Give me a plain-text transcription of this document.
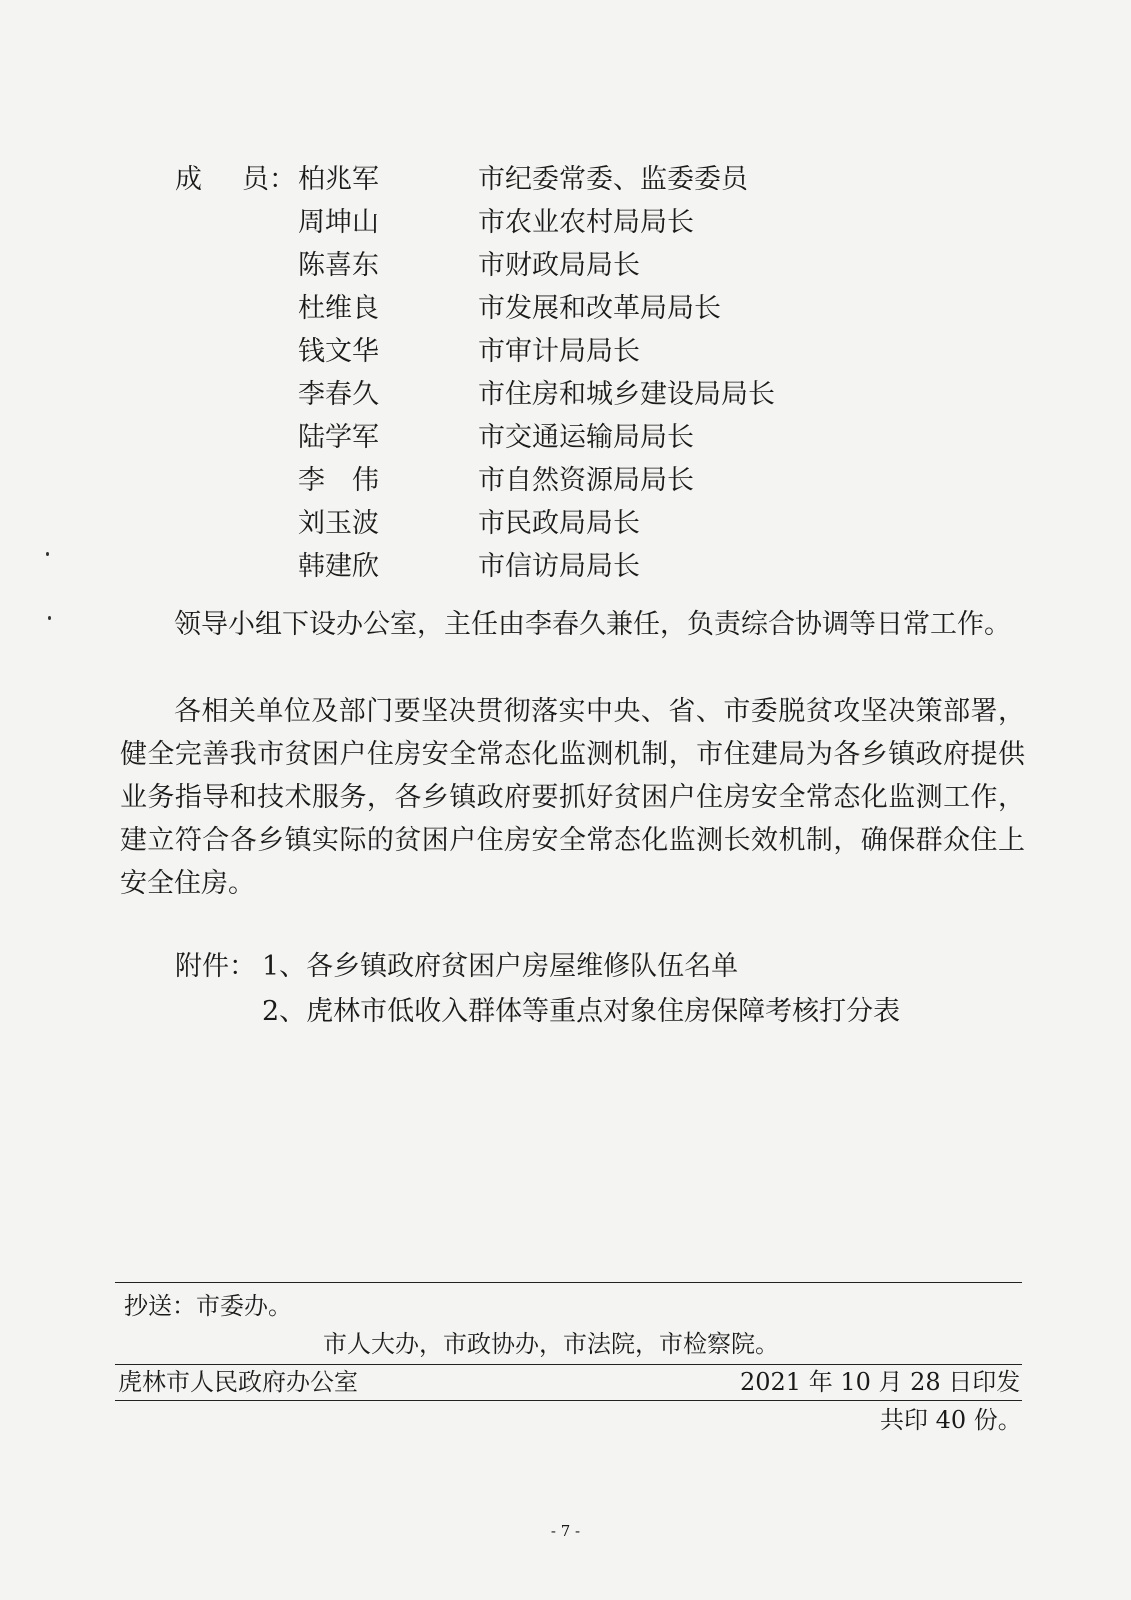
成 员： 柏兆军	市纪委常委、监委委员
周坤山	市农业农村局局长
陈喜东	市财政局局长
杜维良	市发展和改革局局长
钱文华	市审计局局长
李春久	市住房和城乡建设局局长
陆学军	市交通运输局局长
李　伟	市自然资源局局长
刘玉波	市民政局局长
韩建欣	市信访局局长

领导小组下设办公室，主任由李春久兼任，负责综合协调等日常工作。

各相关单位及部门要坚决贯彻落实中央、省、市委脱贫攻坚决策部署，健全完善我市贫困户住房安全常态化监测机制，市住建局为各乡镇政府提供业务指导和技术服务，各乡镇政府要抓好贫困户住房安全常态化监测工作，建立符合各乡镇实际的贫困户住房安全常态化监测长效机制，确保群众住上安全住房。

附件： 1、各乡镇政府贫困户房屋维修队伍名单
2、虎林市低收入群体等重点对象住房保障考核打分表
抄送：市委办。
市人大办，市政协办，市法院，市检察院。
虎林市人民政府办公室	2021 年 10 月 28 日印发
共印 40 份。
- 7 -
